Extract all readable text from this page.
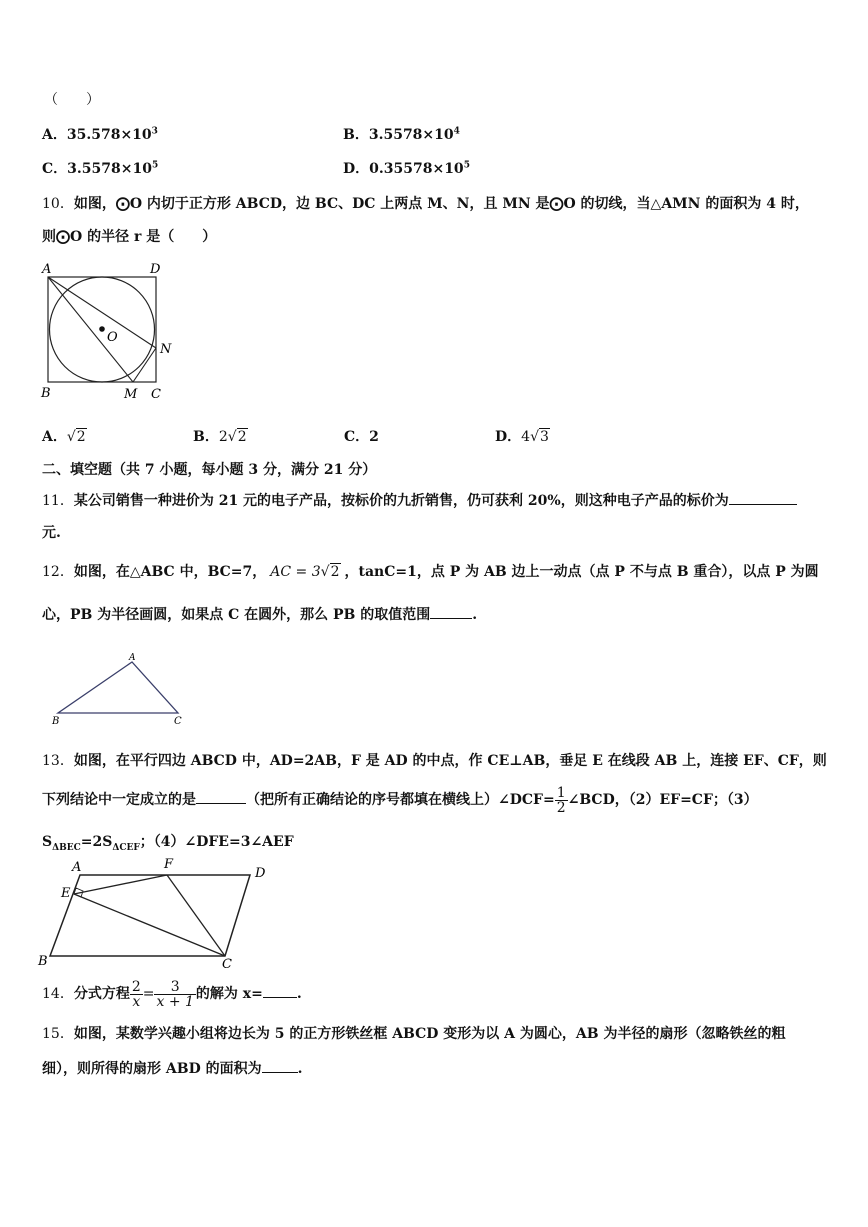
（　　）
A．$35.578\times 10^3$	B．$3.5578\times 10^4$
C．$3.5578\times 10^5$	D．$0.35578\times 10^5$
10．如图，⨀O 内切于正方形 ABCD，边 BC、DC 上两点 M、N，且 MN 是⨀O 的切线，当△AMN 的面积为 4 时，
则⨀O 的半径 r 是（　　）
A	D
O
N
B	M C
A．√2	B．2√2	C．2	D．4√3
二、填空题（共 7 小题，每小题 3 分，满分 21 分）
11．某公司销售一种进价为 21 元的电子产品，按标价的九折销售，仍可获利 20%，则这种电子产品的标价为
元.
12．如图，在△ABC 中，BC=7， AC = 3√2 ，tanC=1，点 P 为 AB 边上一动点（点 P 不与点 B 重合），以点 P 为圆
心，PB 为半径画圆，如果点 C 在圆外，那么 PB 的取值范围	.
A
B	C
13．如图，在平行四边 ABCD 中，AD=2AB，F 是 AD 的中点，作 CE⊥AB，垂足 E 在线段 AB 上，连接 EF、CF，则
下列结论中一定成立的是	（把所有正确结论的序号都填在横线上）∠DCF= $\frac{1}{2}$ ∠BCD，（2）EF=CF；（3）
$S_{\Delta BEC}=2S_{\Delta CEF}$；（4）∠DFE=3∠AEF
A	F
D
E
B	C
14．分式方程 $\frac{2}{x} = \frac{3}{x + 1}$ 的解为 x= .
15．如图，某数学兴趣小组将边长为 5 的正方形铁丝框 ABCD 变形为以 A 为圆心，AB 为半径的扇形（忽略铁丝的粗
细），则所得的扇形 ABD 的面积为	.
